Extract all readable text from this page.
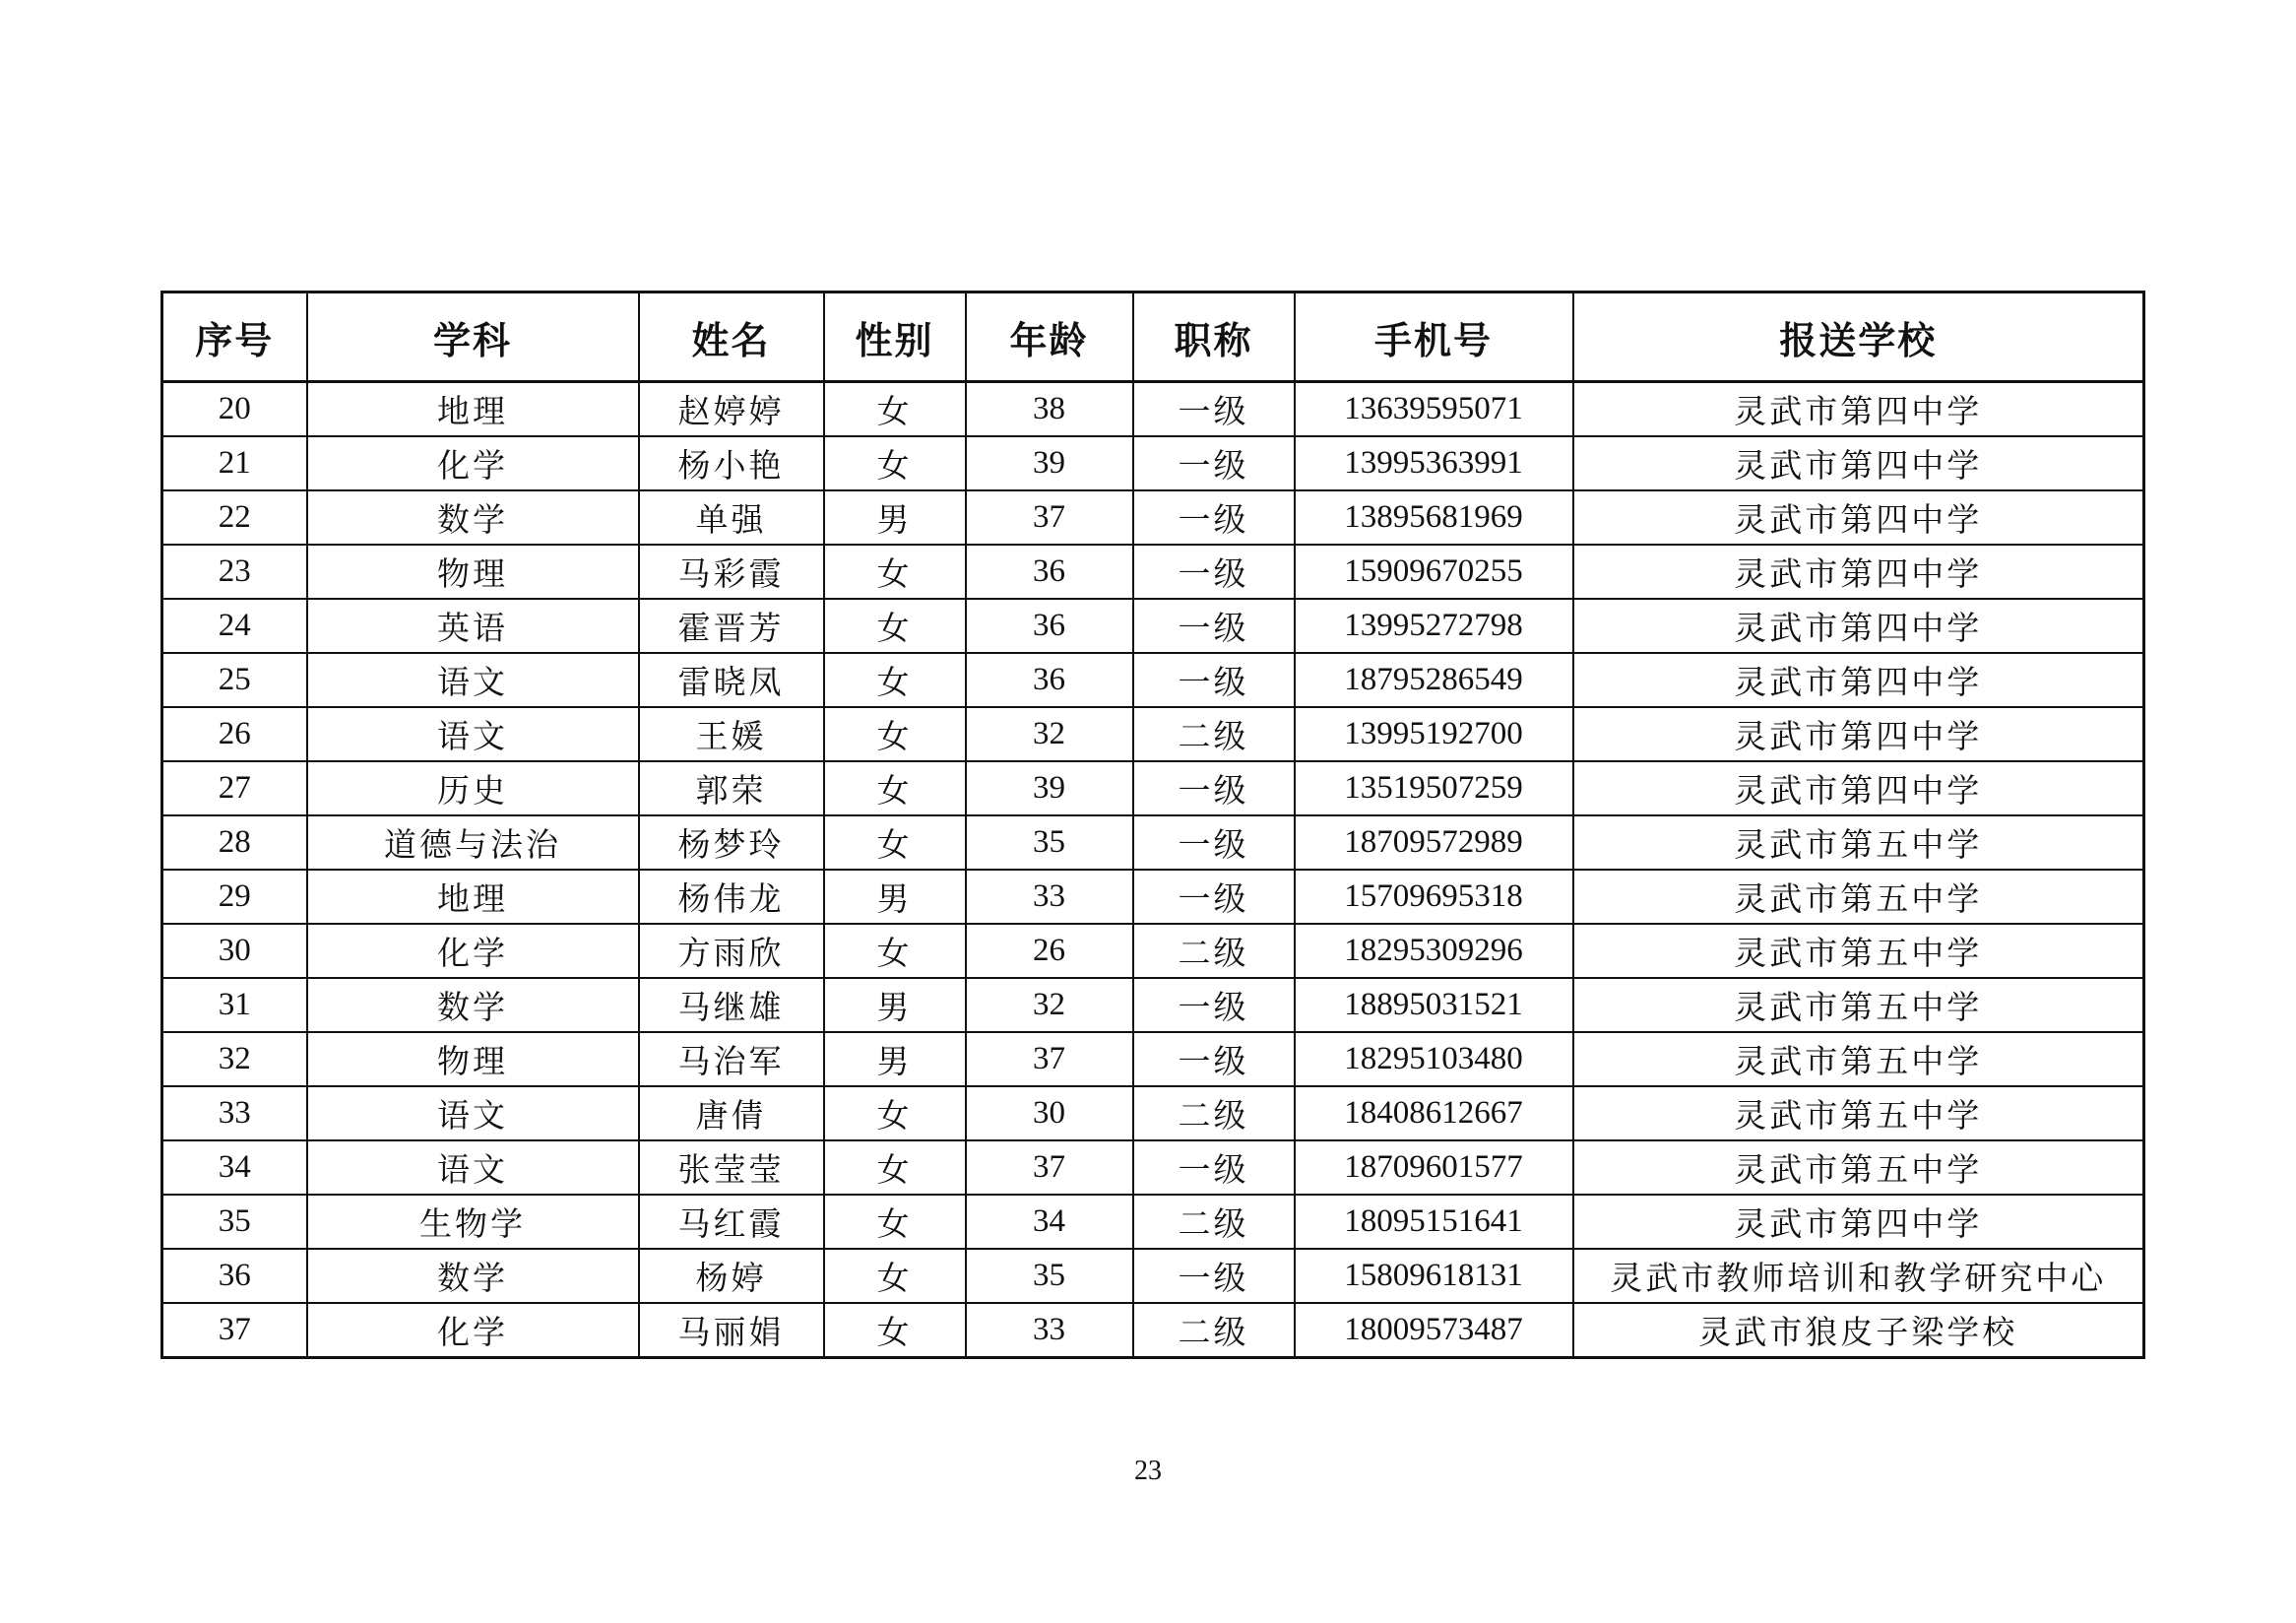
序号	学科	姓名	性别	年龄	职称	手机号	报送学校
20	地理	赵婷婷	女	38	一级	13639595071	灵武市第四中学
21	化学	杨小艳	女	39	一级	13995363991	灵武市第四中学
22	数学	单强	男	37	一级	13895681969	灵武市第四中学
23	物理	马彩霞	女	36	一级	15909670255	灵武市第四中学
24	英语	霍晋芳	女	36	一级	13995272798	灵武市第四中学
25	语文	雷晓凤	女	36	一级	18795286549	灵武市第四中学
26	语文	王媛	女	32	二级	13995192700	灵武市第四中学
27	历史	郭荣	女	39	一级	13519507259	灵武市第四中学
28	道德与法治	杨梦玲	女	35	一级	18709572989	灵武市第五中学
29	地理	杨伟龙	男	33	一级	15709695318	灵武市第五中学
30	化学	方雨欣	女	26	二级	18295309296	灵武市第五中学
31	数学	马继雄	男	32	一级	18895031521	灵武市第五中学
32	物理	马治军	男	37	一级	18295103480	灵武市第五中学
33	语文	唐倩	女	30	二级	18408612667	灵武市第五中学
34	语文	张莹莹	女	37	一级	18709601577	灵武市第五中学
35	生物学	马红霞	女	34	二级	18095151641	灵武市第四中学
36	数学	杨婷	女	35	一级	15809618131	灵武市教师培训和教学研究中心
37	化学	马丽娟	女	33	二级	18009573487	灵武市狼皮子梁学校
23
